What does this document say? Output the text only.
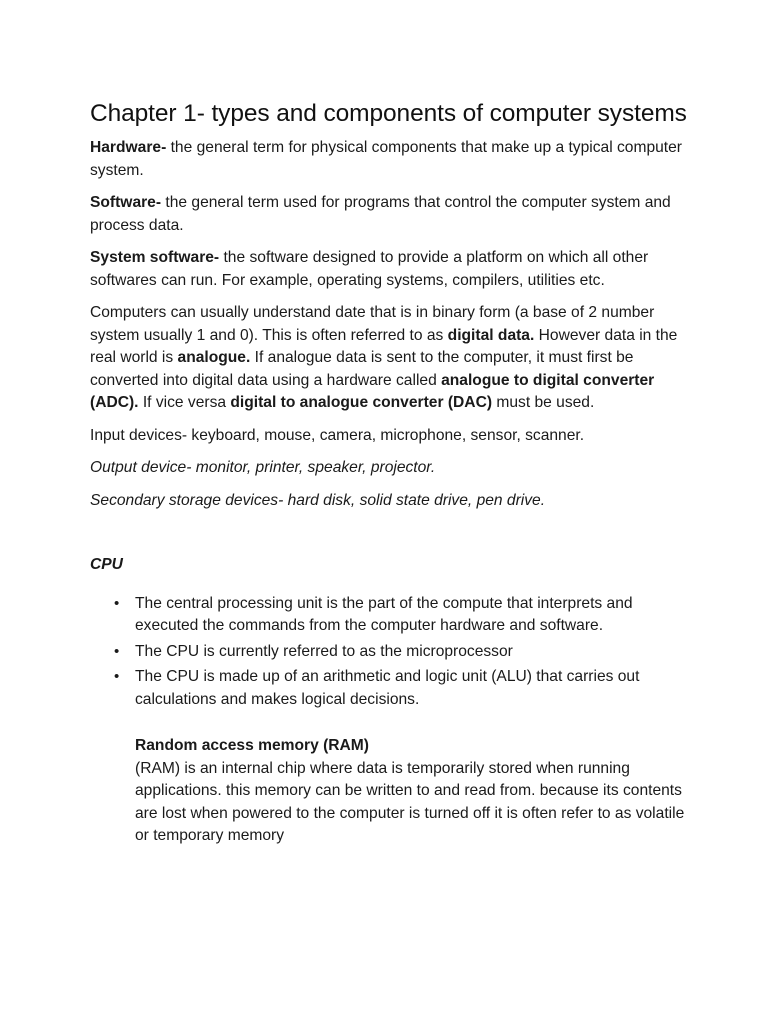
Chapter 1- types and components of computer systems

Hardware- the general term for physical components that make up a typical computer system.

Software- the general term used for programs that control the computer system and process data.

System software- the software designed to provide a platform on which all other softwares can run. For example, operating systems, compilers, utilities etc.

Computers can usually understand date that is in binary form (a base of 2 number system usually 1 and 0). This is often referred to as digital data. However data in the real world is analogue. If analogue data is sent to the computer, it must first be converted into digital data using a hardware called analogue to digital converter (ADC). If vice versa digital to analogue converter (DAC) must be used.

Input devices- keyboard, mouse, camera, microphone, sensor, scanner.

Output device- monitor, printer, speaker, projector.

Secondary storage devices- hard disk, solid state drive, pen drive.

CPU

• The central processing unit is the part of the compute that interprets and executed the commands from the computer hardware and software.
• The CPU is currently referred to as the microprocessor
• The CPU is made up of an arithmetic and logic unit (ALU) that carries out calculations and makes logical decisions.
Random access memory (RAM)

(RAM) is an internal chip where data is temporarily stored when running applications. this memory can be written to and read from. because its contents are lost when powered to the computer is turned off it is often refer to as volatile or temporary memory
